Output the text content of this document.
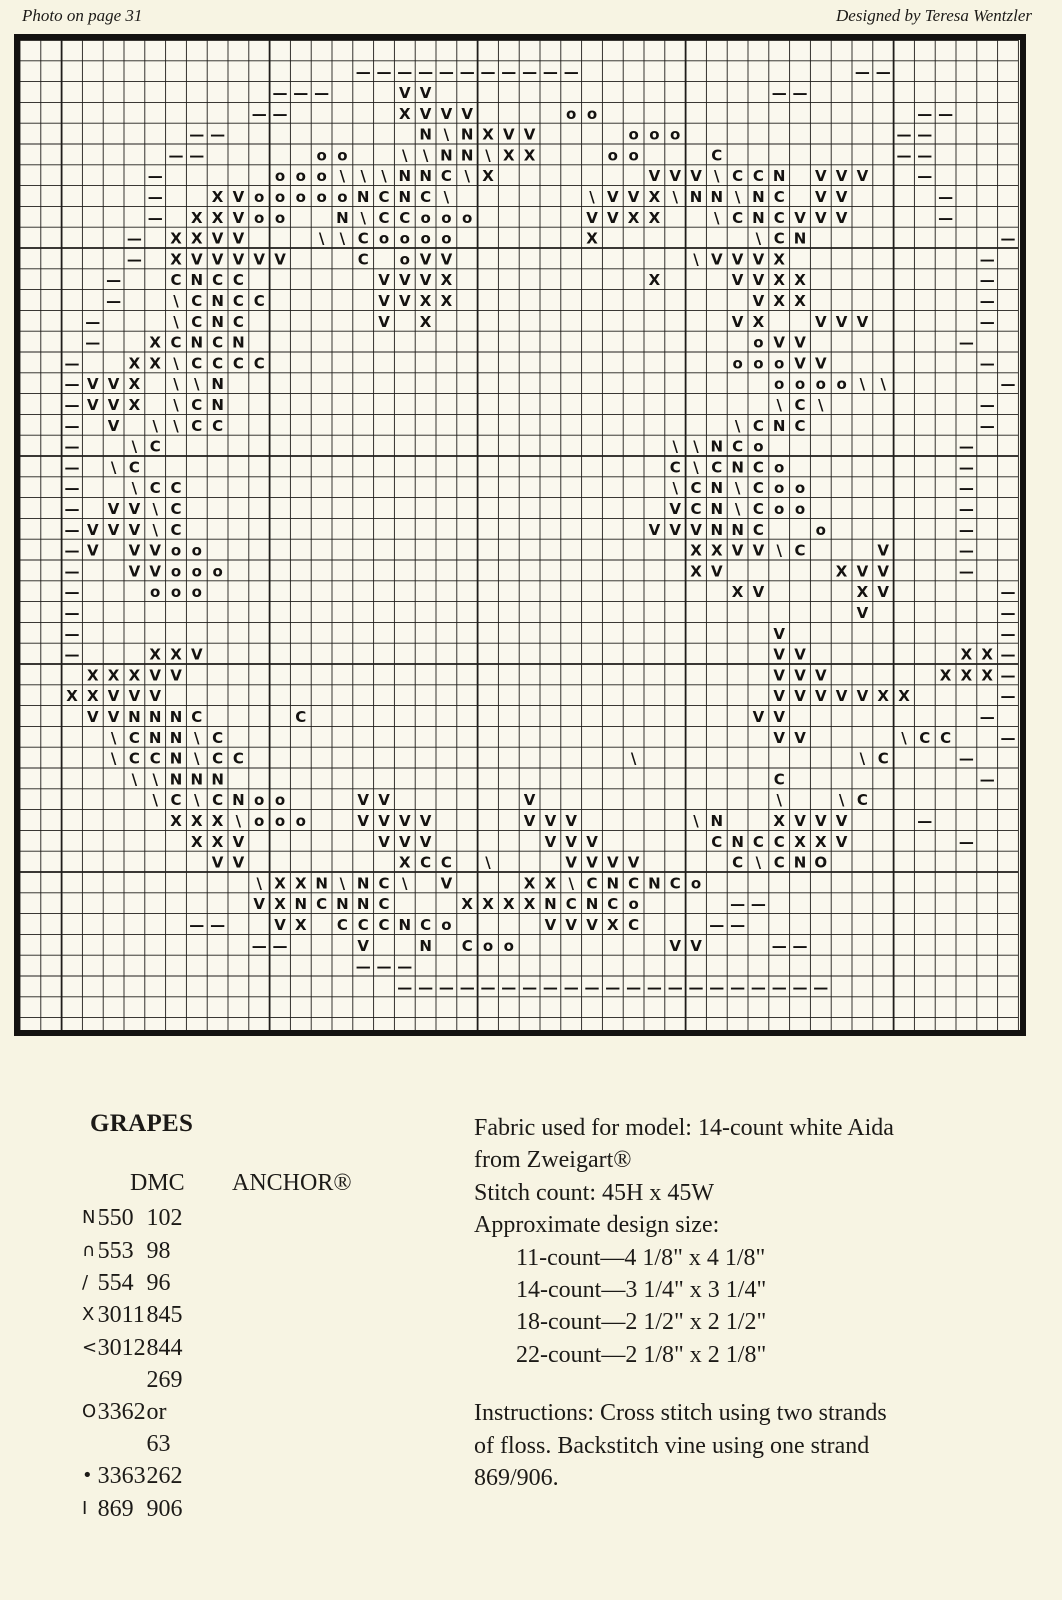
Photo on page 31	Designed by Teresa Wentzler
— — — — — — — — — — —	— —
— — —	V V	— —
— —	X V V V	o o	— —
— —	N \ N X V V	o o o	— —
— —	o o	\ \ N N \ X X	o o	C	— —
—	o o o \ \ \ N N C \ X	V V V \ C C N V V V	—
—	X V o o o o o N C N C \	\ V V X \ N N \ N C V V	—
— X X V o o	N \ C C o o o	V V X X	\ C N C V V V	—
— X X V V	\ \ C o o o o	X	\ C N	—
— X V V V V V	C o V V	\ V V V X	—
—	C N C C	V V V X	X	V V X X	—
—	\ C N C C	V V X X	V X X	—
—	\ C N C	V X	V X	V V V	—
—	X C N C N	o V V	—
—	X X \ C C C C	o o o V V	—
— V V X \ \ N	o o o o \ \	—
— V V X \ C N	\ C \	—
— V \ \ C C	\ C N C	—
—	\ C	\ \ N C o	—
— \ C	C \ C N C o	—
—	\ C C	\ C N \ C o o	—
— V V \ C	V C N \ C o o	—
— V V V \ C	V V V N N C	o	—
— V V V o o	X X V V \ C	V	—
—	V V o o o	X V	X V V	—
—	o o o	X V	X V	—
—	V	—
—	V	—
—	X X V	V V	X X —
X X X V V	V V V	X X X —
X X V V V	V V V V V X X	—
V V N N N C	C	V V	—
\ C N N \ C	V V	\ C C	—
\ C C N \ C C	\	\ C	—
\ \ N N N	C	—
\ C \ C N o o	V V	V	\	\ C
X X X \ o o o	V V V V	V V V	\ N	X V V V	—
X X V	V V V	V V V	C N C C X X V	—
V V	X C C \	V V V V	C \ C N O
\ X X N \ N C \ V	X X \ C N C N C o
V X N C N N C	X X X X N C N C o	— —
— —	V X C C C N C o	V V V X C	— —
— —	V	N C o o	V V	— —
— — —
— — — — — — — — — — — — — — — — — — — — —
GRAPES
DMC ANCHOR®
N	550	102
∩	553	98
/	554	96
X	3011	845
<	3012	844
O	3362	269 or 63
•	3363	262
I	869	906

Fabric used for model: 14-count white Aida

from Zweigart®

Stitch count: 45H x 45W

Approximate design size:

11-count—4 1/8" x 4 1/8"

14-count—3 1/4" x 3 1/4"

18-count—2 1/2" x 2 1/2"

22-count—2 1/8" x 2 1/8"

Instructions: Cross stitch using two strands

of floss. Backstitch vine using one strand

869/906.
